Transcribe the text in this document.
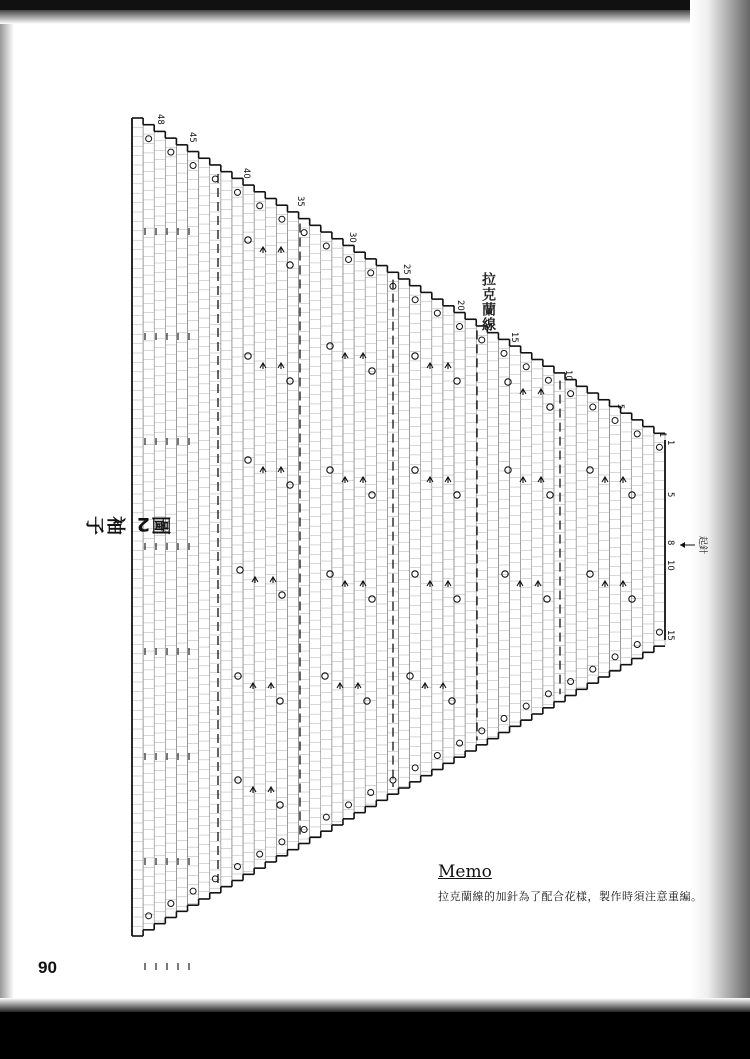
48
45
40
35
30
25
20
15
10
5
1
1
5
8
10
15
起針
圖2 袖子
拉克蘭線
Memo
拉克蘭線的加針為了配合花樣，製作時須注意重編。
90
